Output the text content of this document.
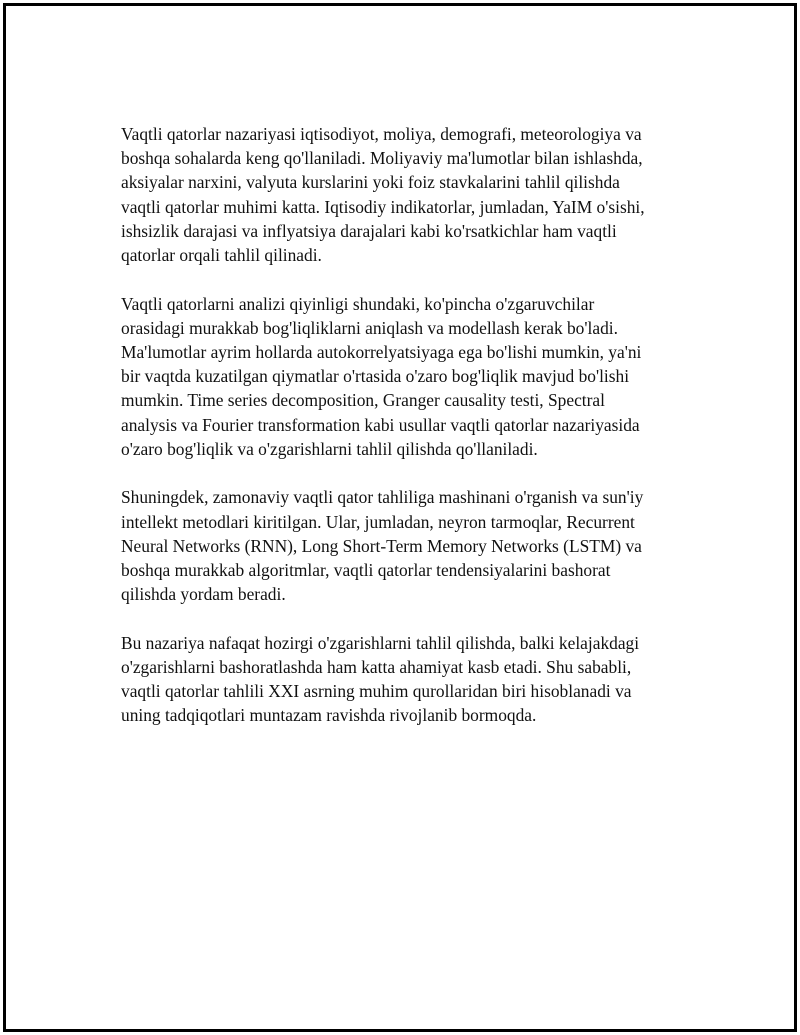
Vaqtli qatorlar nazariyasi iqtisodiyot, moliya, demografi, meteorologiya va
boshqa sohalarda keng qo'llaniladi. Moliyaviy ma'lumotlar bilan ishlashda,
aksiyalar narxini, valyuta kurslarini yoki foiz stavkalarini tahlil qilishda
vaqtli qatorlar muhimi katta. Iqtisodiy indikatorlar, jumladan, YaIM o'sishi,
ishsizlik darajasi va inflyatsiya darajalari kabi ko'rsatkichlar ham vaqtli
qatorlar orqali tahlil qilinadi.

Vaqtli qatorlarni analizi qiyinligi shundaki, ko'pincha o'zgaruvchilar
orasidagi murakkab bog'liqliklarni aniqlash va modellash kerak bo'ladi.
Ma'lumotlar ayrim hollarda autokorrelyatsiyaga ega bo'lishi mumkin, ya'ni
bir vaqtda kuzatilgan qiymatlar o'rtasida o'zaro bog'liqlik mavjud bo'lishi
mumkin. Time series decomposition, Granger causality testi, Spectral
analysis va Fourier transformation kabi usullar vaqtli qatorlar nazariyasida
o'zaro bog'liqlik va o'zgarishlarni tahlil qilishda qo'llaniladi.

Shuningdek, zamonaviy vaqtli qator tahliliga mashinani o'rganish va sun'iy
intellekt metodlari kiritilgan. Ular, jumladan, neyron tarmoqlar, Recurrent
Neural Networks (RNN), Long Short-Term Memory Networks (LSTM) va
boshqa murakkab algoritmlar, vaqtli qatorlar tendensiyalarini bashorat
qilishda yordam beradi.

Bu nazariya nafaqat hozirgi o'zgarishlarni tahlil qilishda, balki kelajakdagi
o'zgarishlarni bashoratlashda ham katta ahamiyat kasb etadi. Shu sababli,
vaqtli qatorlar tahlili XXI asrning muhim qurollaridan biri hisoblanadi va
uning tadqiqotlari muntazam ravishda rivojlanib bormoqda.
